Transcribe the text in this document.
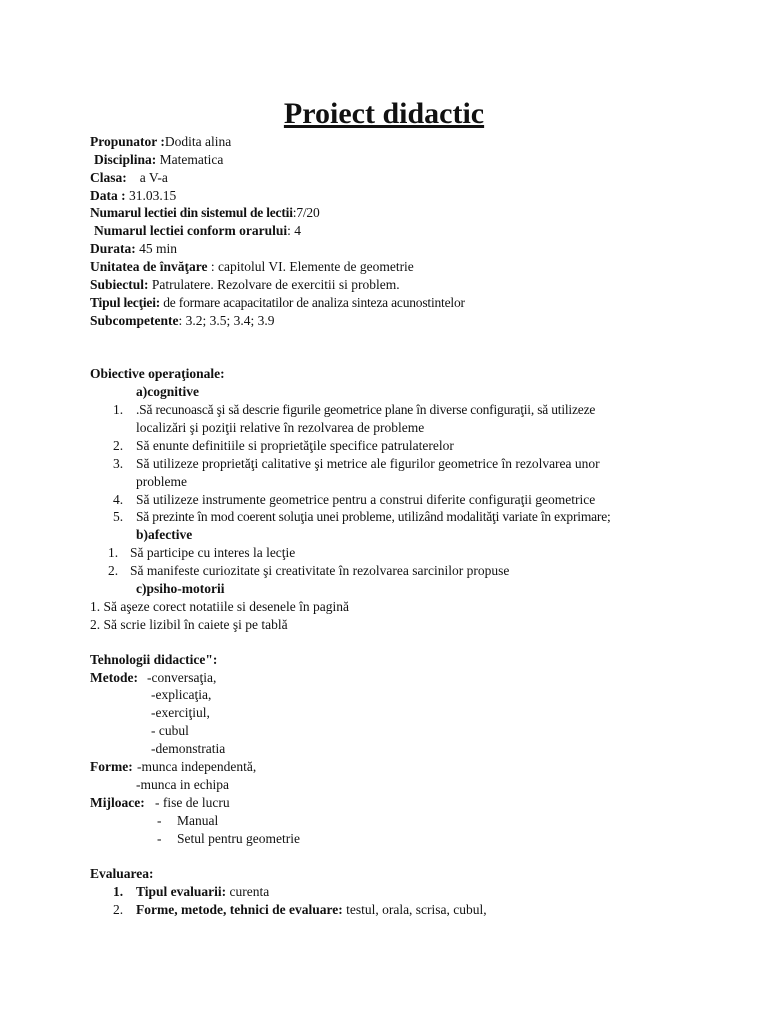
Proiect didactic
Propunator :Dodita alina
Disciplina: Matematica
Clasa: a V-a
Data : 31.03.15
Numarul lectiei din sistemul de lectii:7/20
Numarul lectiei conform orarului: 4
Durata: 45 min
Unitatea de învăţare : capitolul VI. Elemente de geometrie
Subiectul: Patrulatere. Rezolvare de exercitii si problem.
Tipul lecţiei: de formare acapacitatilor de analiza sinteza acunostintelor
Subcompetente: 3.2; 3.5; 3.4; 3.9
Obiective operaţionale:
a)cognitive
1. .Să recunoască şi să descrie figurile geometrice plane în diverse configuraţii, să utilizeze
localizări şi poziţii relative în rezolvarea de probleme
2. Să enunte definitiile si proprietăţile specifice patrulaterelor
3. Să utilizeze proprietăţi calitative şi metrice ale figurilor geometrice în rezolvarea unor
probleme
4. Să utilizeze instrumente geometrice pentru a construi diferite configuraţii geometrice
5. Să prezinte în mod coerent soluţia unei probleme, utilizând modalităţi variate în exprimare;
b)afective
1. Să participe cu interes la lecţie
2. Să manifeste curiozitate şi creativitate în rezolvarea sarcinilor propuse
c)psiho-motorii
1. Să aşeze corect notatiile si desenele în pagină
2. Să scrie lizibil în caiete şi pe tablă
Tehnologii didactice":
Metode: -conversaţia,
-explicaţia,
-exerciţiul,
- cubul
-demonstratia
Forme: -munca independentă,
-munca in echipa
Mijloace: - fise de lucru
- Manual
- Setul pentru geometrie
Evaluarea:
1. Tipul evaluarii: curenta
2. Forme, metode, tehnici de evaluare: testul, orala, scrisa, cubul,
